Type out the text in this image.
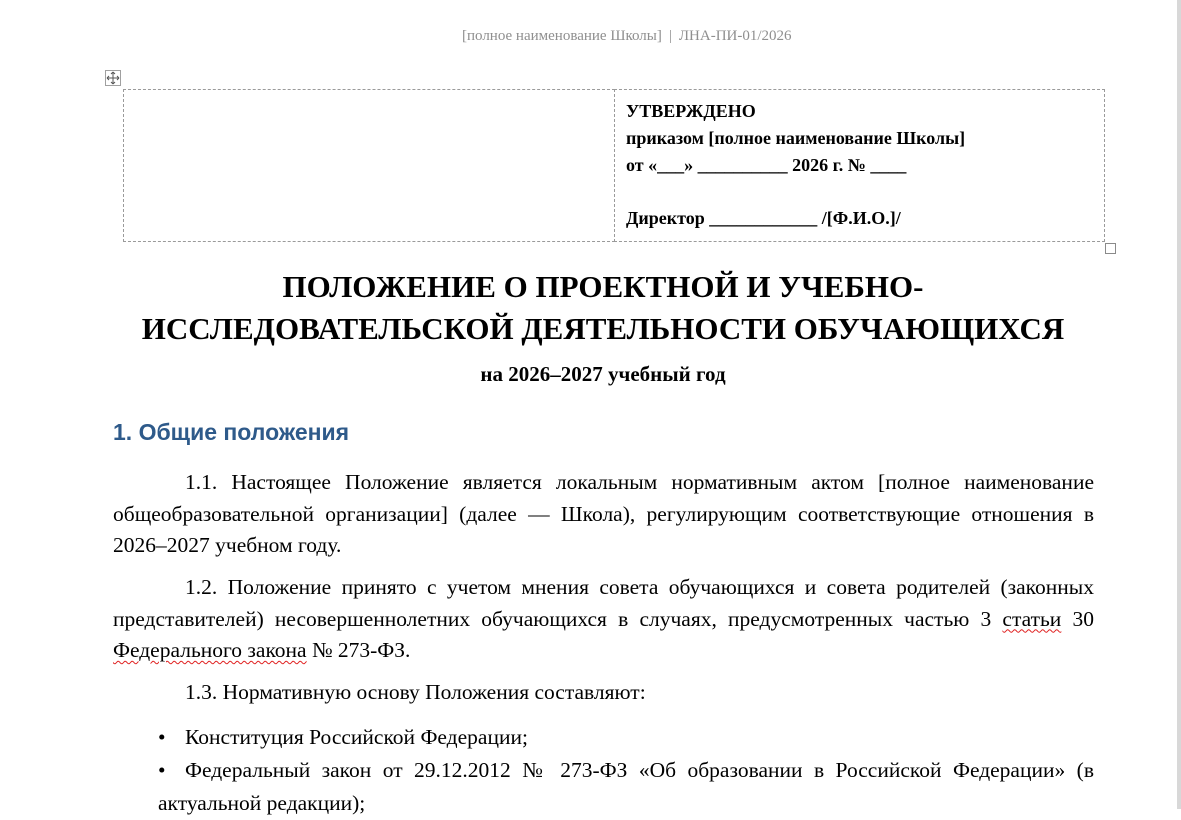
[полное наименование Школы] | ЛНА-ПИ-01/2026
УТВЕРЖДЕНО
приказом [полное наименование Школы]
от «___» __________ 2026 г. № ____
Директор ____________ /[Ф.И.О.]/
ПОЛОЖЕНИЕ О ПРОЕКТНОЙ И УЧЕБНО-
ИССЛЕДОВАТЕЛЬСКОЙ ДЕЯТЕЛЬНОСТИ ОБУЧАЮЩИХСЯ
на 2026–2027 учебный год
1. Общие положения
1.1. Настоящее Положение является локальным нормативным актом [полное наименование общеобразовательной организации] (далее — Школа), регулирующим соответствующие отношения в 2026–2027 учебном году.
1.2. Положение принято с учетом мнения совета обучающихся и совета родителей (законных представителей) несовершеннолетних обучающихся в случаях, предусмотренных частью 3 статьи 30 Федерального закона № 273-ФЗ.
1.3. Нормативную основу Положения составляют:
• Конституция Российской Федерации;
• Федеральный закон от 29.12.2012 № 273-ФЗ «Об образовании в Российской Федерации» (в актуальной редакции);
